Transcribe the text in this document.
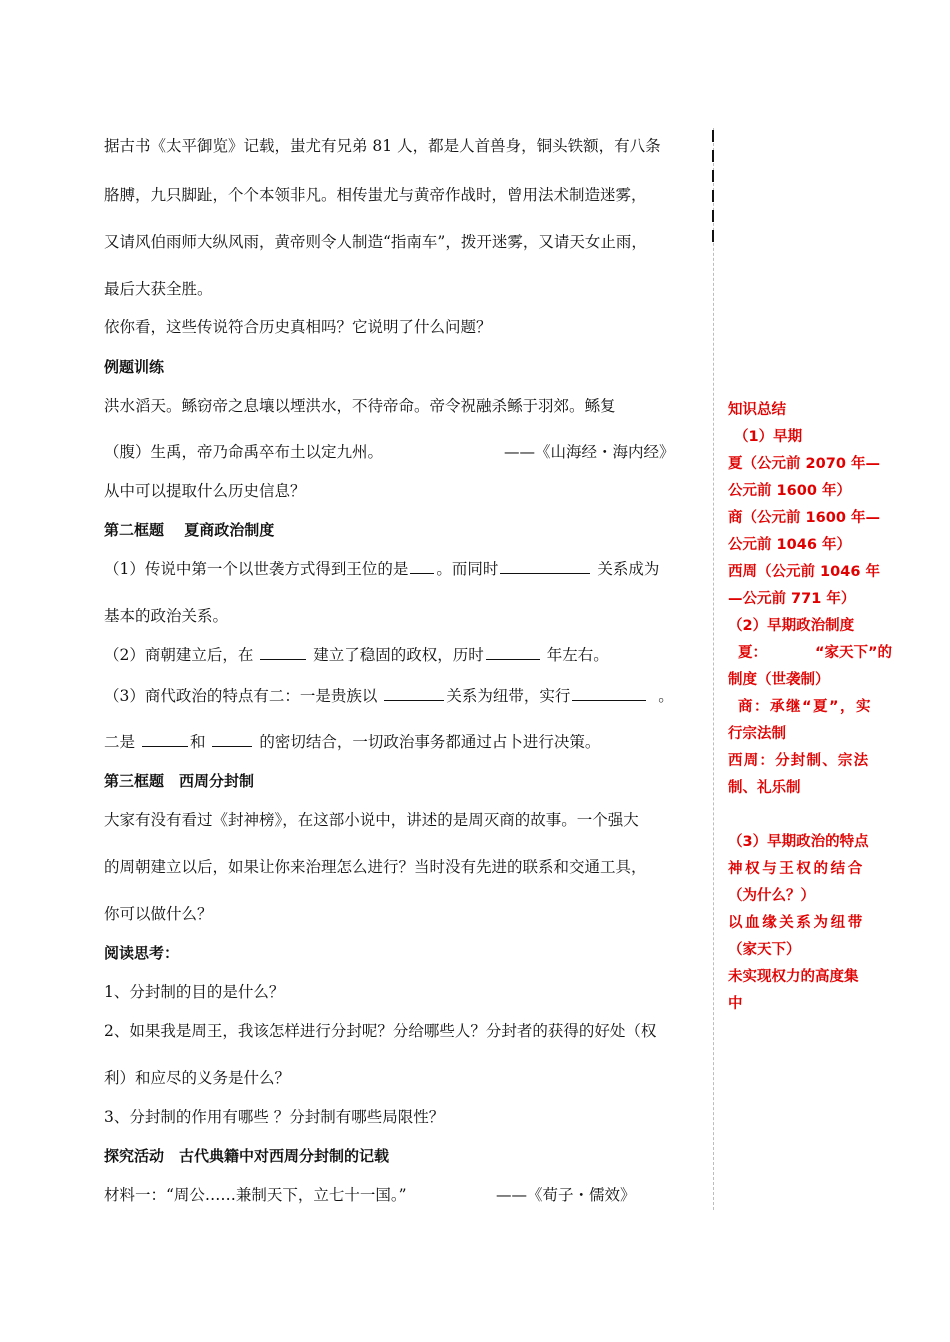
据古书《太平御览》记载，蚩尤有兄弟 81 人，都是人首兽身，铜头铁额，有八条
胳膊，九只脚趾，个个本领非凡。相传蚩尤与黄帝作战时，曾用法术制造迷雾，
又请风伯雨师大纵风雨，黄帝则令人制造“指南车”，拨开迷雾，又请天女止雨，
最后大获全胜。
依你看，这些传说符合历史真相吗？它说明了什么问题？
例题训练
洪水滔天。鲧窃帝之息壤以堙洪水，不待帝命。帝令祝融杀鲧于羽郊。鲧复
（腹）生禹，帝乃命禹卒布土以定九州。	——《山海经・海内经》
从中可以提取什么历史信息？
第二框题　 夏商政治制度
（1）传说中第一个以世袭方式得到王位的是 。而同时	关系成为
基本的政治关系。
（2）商朝建立后，在	建立了稳固的政权，历时	年左右。
（3）商代政治的特点有二：一是贵族以	关系为纽带，实行	。
二是	和	的密切结合，一切政治事务都通过占卜进行决策。
第三框题　西周分封制
大家有没有看过《封神榜》，在这部小说中，讲述的是周灭商的故事。一个强大
的周朝建立以后，如果让你来治理怎么进行？当时没有先进的联系和交通工具，
你可以做什么？
阅读思考：
1、分封制的目的是什么？
2、如果我是周王，我该怎样进行分封呢？分给哪些人？分封者的获得的好处（权
利）和应尽的义务是什么？
3、分封制的作用有哪些 ？分封制有哪些局限性？
探究活动　古代典籍中对西周分封制的记载
材料一：“周公……兼制天下，立七十一国。”	——《荀子・儒效》
知识总结
（1）早期
夏（公元前 2070 年—
公元前 1600 年）
商（公元前 1600 年—
公元前 1046 年）
西周（公元前 1046 年
—公元前 771 年）
（2）早期政治制度
夏：	“家天下”的
制度（世袭制）
商：承继“夏”，实
行宗法制
西周：分封制、宗法
制、礼乐制
（3）早期政治的特点
神权与王权的结合
（为什么？）
以血缘关系为纽带
（家天下）
未实现权力的高度集
中
